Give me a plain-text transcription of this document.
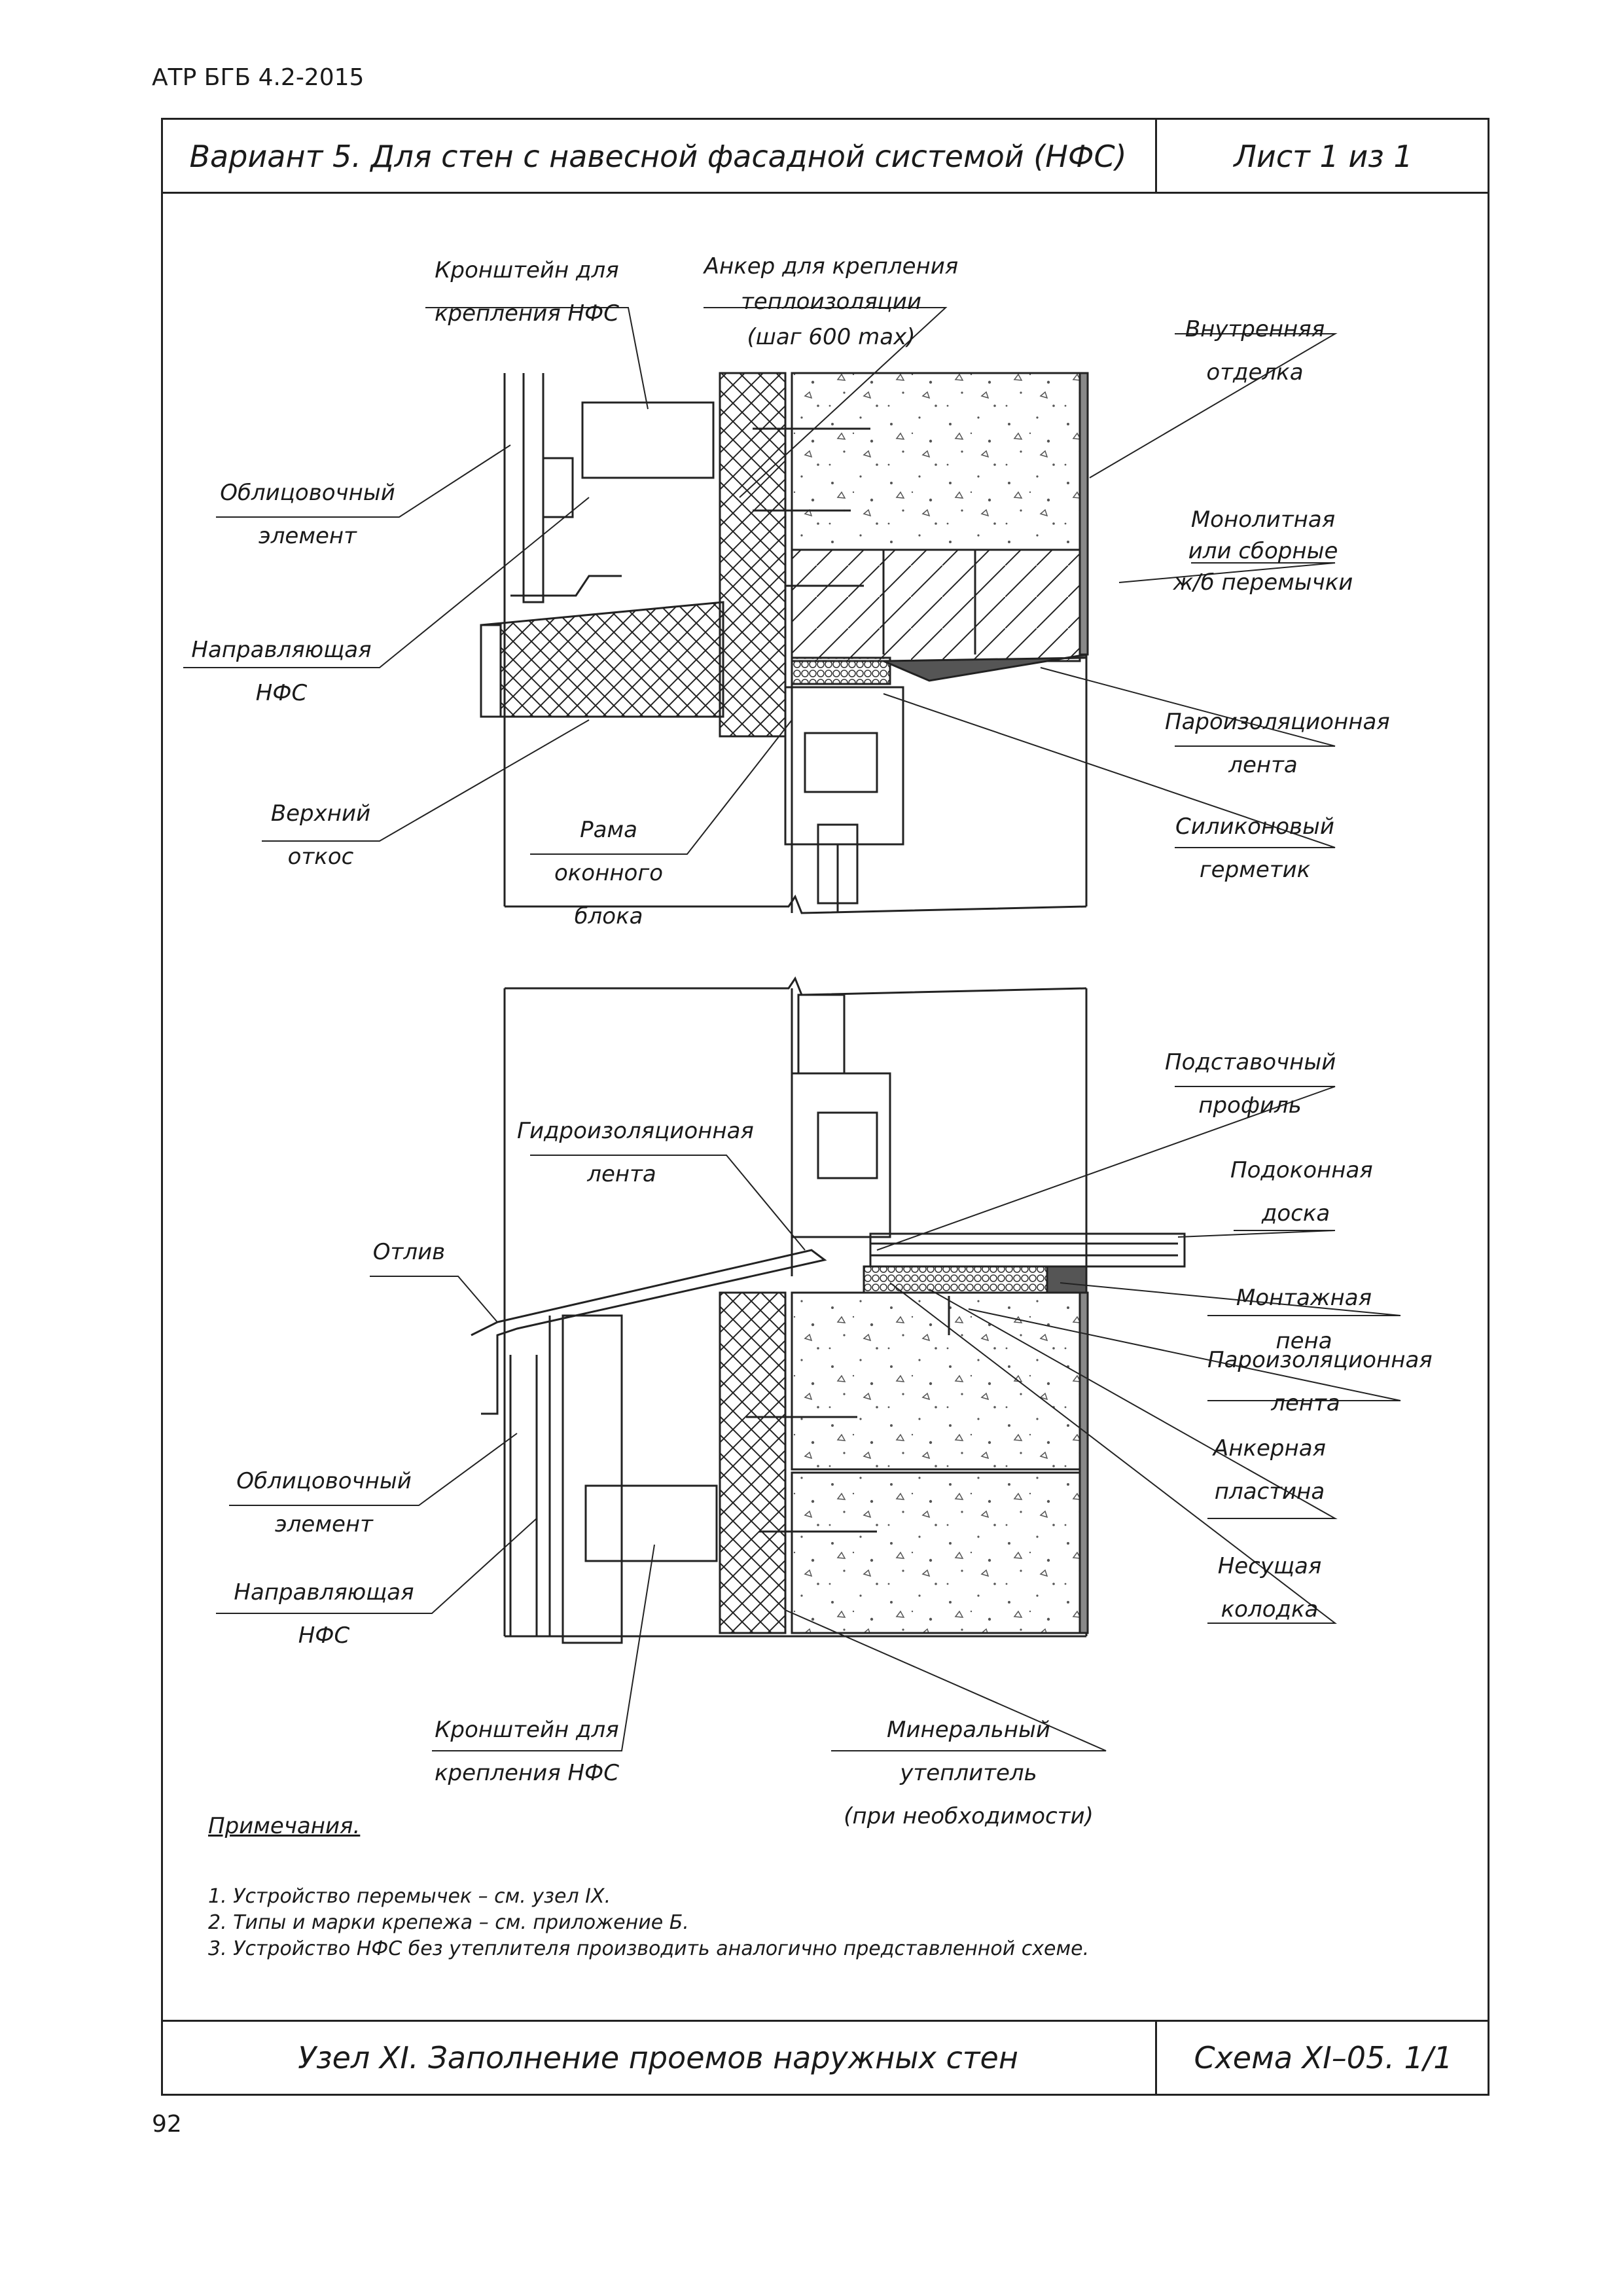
АТР БГБ 4.2-2015
Вариант 5. Для стен с навесной фасадной системой (НФС)	Лист 1 из 1
Кронштейн для
крепления НФС
Анкер для крепления
теплоизоляции
(шаг 600 max)	Внутренняя
отделка
Облицовочный
элемент
Монолитная
или сборные
ж/б перемычки
Направляющая НФС
Пароизоляционная
лента
Верхний
откос
Рама оконного
блока
Силиконовый
герметик
Подставочный
профиль
Гидроизоляционная
лента	Подоконная
доска
Отлив
Монтажная пена
Пароизоляционная
лента
Анкерная
пластина
Облицовочный
элемент
Несущая
колодка
Направляющая НФС
Кронштейн для
крепления НФС
Минеральный утеплитель
(при необходимости)
Примечания.
1. Устройство перемычек – см. узел IX.
2. Типы и марки крепежа – см. приложение Б.
3. Устройство НФС без утеплителя производить аналогично представленной схеме.
Узел XI. Заполнение проемов наружных стен	Схема XI–05. 1/1
92
